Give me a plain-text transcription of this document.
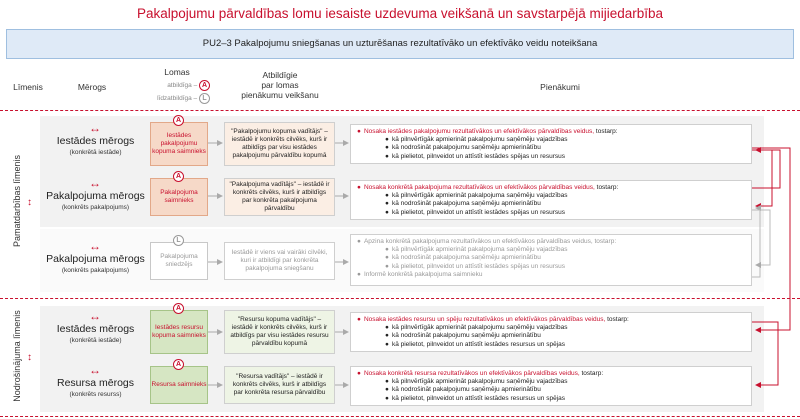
Pakalpojumu pārvaldības lomu iesaiste uzdevuma veikšanā un savstarpējā mijiedarbība
PU2–3 Pakalpojumu sniegšanas un uzturēšanas rezultatīvāko un efektīvāko veidu noteikšana
Līmenis	Mērogs
Lomas
atbildīga – A
līdzatbildīga – L
Atbildīgie
par lomas
pienākumu veikšanu
Pienākumi
Pamatdarbības līmenis ↕
Nodrošinājuma līmenis ↕
↔
Iestādes mērogs
(konkrētā iestāde)
Iestādes pakalpojumu kopuma saimnieks
A
"Pakalpojumu kopuma vadītājs" – iestādē ir konkrēts cilvēks, kurš ir atbildīgs par visu iestādes pakalpojumu pārvaldību kopumā
● Nosaka iestādes pakalpojumu rezultatīvākos un efektīvākos pārvaldības veidus, tostarp:
● kā pilnvērtīgāk apmierināt pakalpojumu saņēmēju vajadzības
● kā nodrošināt pakalpojumu saņēmēju apmierinātību
● kā pielietot, pilnveidot un attīstīt iestādes spējas un resursus
↔
Pakalpojuma mērogs
(konkrēts pakalpojums)
Pakalpojuma saimnieks
A
"Pakalpojuma vadītājs" – iestādē ir konkrēts cilvēks, kurš ir atbildīgs par konkrēta pakalpojuma pārvaldību
● Nosaka konkrētā pakalpojuma rezultatīvākos un efektīvākos pārvaldības veidus, tostarp:
● kā pilnvērtīgāk apmierināt pakalpojuma saņēmēju vajadzības
● kā nodrošināt pakalpojuma saņēmēju apmierinātību
● kā pielietot, pilnveidot un attīstīt iestādes spējas un resursus
↔
Pakalpojuma mērogs
(konkrēts pakalpojums)
Pakalpojuma sniedzējs
L
Iestādē ir viens vai vairāki cilvēki, kuri ir atbildīgi par konkrēta pakalpojuma sniegšanu
● Apzina konkrētā pakalpojuma rezultatīvākos un efektīvākos pārvaldības veidus, tostarp:
● kā pilnvērtīgāk apmierināt pakalpojuma saņēmēju vajadzības
● kā nodrošināt pakalpojuma saņēmēju apmierinātību
● kā pielietot, pilnveidot un attīstīt iestādes spējas un resursus
● Informē konkrētā pakalpojuma saimnieku
↔
Iestādes mērogs
(konkrētā iestāde)
Iestādes resursu kopuma saimnieks
A
"Resursu kopuma vadītājs" – iestādē ir konkrēts cilvēks, kurš ir atbildīgs par visu iestādes resursu pārvaldību kopumā
● Nosaka iestādes resursu un spēju rezultatīvākos un efektīvākos pārvaldības veidus, tostarp:
● kā pilnvērtīgāk apmierināt pakalpojumu saņēmēju vajadzības
● kā nodrošināt pakalpojumu saņēmēju apmierinātību
● kā pielietot, pilnveidot un attīstīt iestādes resursus un spējas
↔
Resursa mērogs
(konkrēts resurss)
Resursa saimnieks
A
"Resursa vadītājs" – iestādē ir konkrēts cilvēks, kurš ir atbildīgs par konkrēta resursa pārvaldību
● Nosaka konkrētā resursa rezultatīvākos un efektīvākos pārvaldības veidus, tostarp:
● kā pilnvērtīgāk apmierināt pakalpojumu saņēmēju vajadzības
● kā nodrošināt pakalpojumu saņēmēju apmierinātību
● kā pielietot, pilnveidot un attīstīt iestādes resursus un spējas
